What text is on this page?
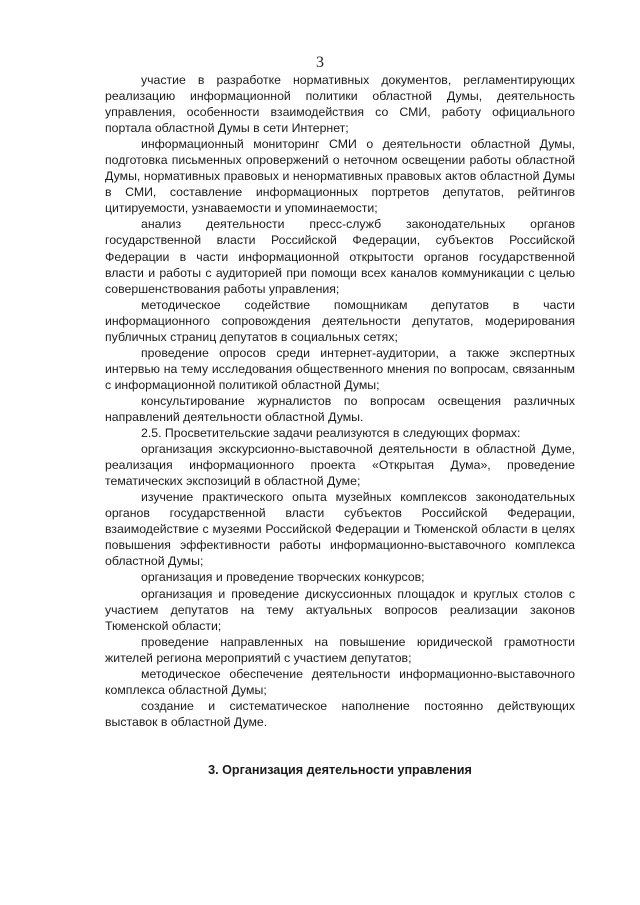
3

участие в разработке нормативных документов, регламентирующих реализацию информационной политики областной Думы, деятельность управления, особенности взаимодействия со СМИ, работу официального портала областной Думы в сети Интернет;

информационный мониторинг СМИ о деятельности областной Думы, подготовка письменных опровержений о неточном освещении работы областной Думы, нормативных правовых и ненормативных правовых актов областной Думы в СМИ, составление информационных портретов депутатов, рейтингов цитируемости, узнаваемости и упоминаемости;

анализ деятельности пресс-служб законодательных органов государственной власти Российской Федерации, субъектов Российской Федерации в части информационной открытости органов государственной власти и работы с аудиторией при помощи всех каналов коммуникации с целью совершенствования работы управления;

методическое содействие помощникам депутатов в части информационного сопровождения деятельности депутатов, модерирования публичных страниц депутатов в социальных сетях;

проведение опросов среди интернет-аудитории, а также экспертных интервью на тему исследования общественного мнения по вопросам, связанным с информационной политикой областной Думы;

консультирование журналистов по вопросам освещения различных направлений деятельности областной Думы.

2.5. Просветительские задачи реализуются в следующих формах:

организация экскурсионно-выставочной деятельности в областной Думе, реализация информационного проекта «Открытая Дума», проведение тематических экспозиций в областной Думе;

изучение практического опыта музейных комплексов законодательных органов государственной власти субъектов Российской Федерации, взаимодействие с музеями Российской Федерации и Тюменской области в целях повышения эффективности работы информационно-выставочного комплекса областной Думы;

организация и проведение творческих конкурсов;

организация и проведение дискуссионных площадок и круглых столов с участием депутатов на тему актуальных вопросов реализации законов Тюменской области;

проведение направленных на повышение юридической грамотности жителей региона мероприятий с участием депутатов;

методическое обеспечение деятельности информационно-выставочного комплекса областной Думы;

создание и систематическое наполнение постоянно действующих выставок в областной Думе.

3. Организация деятельности управления
